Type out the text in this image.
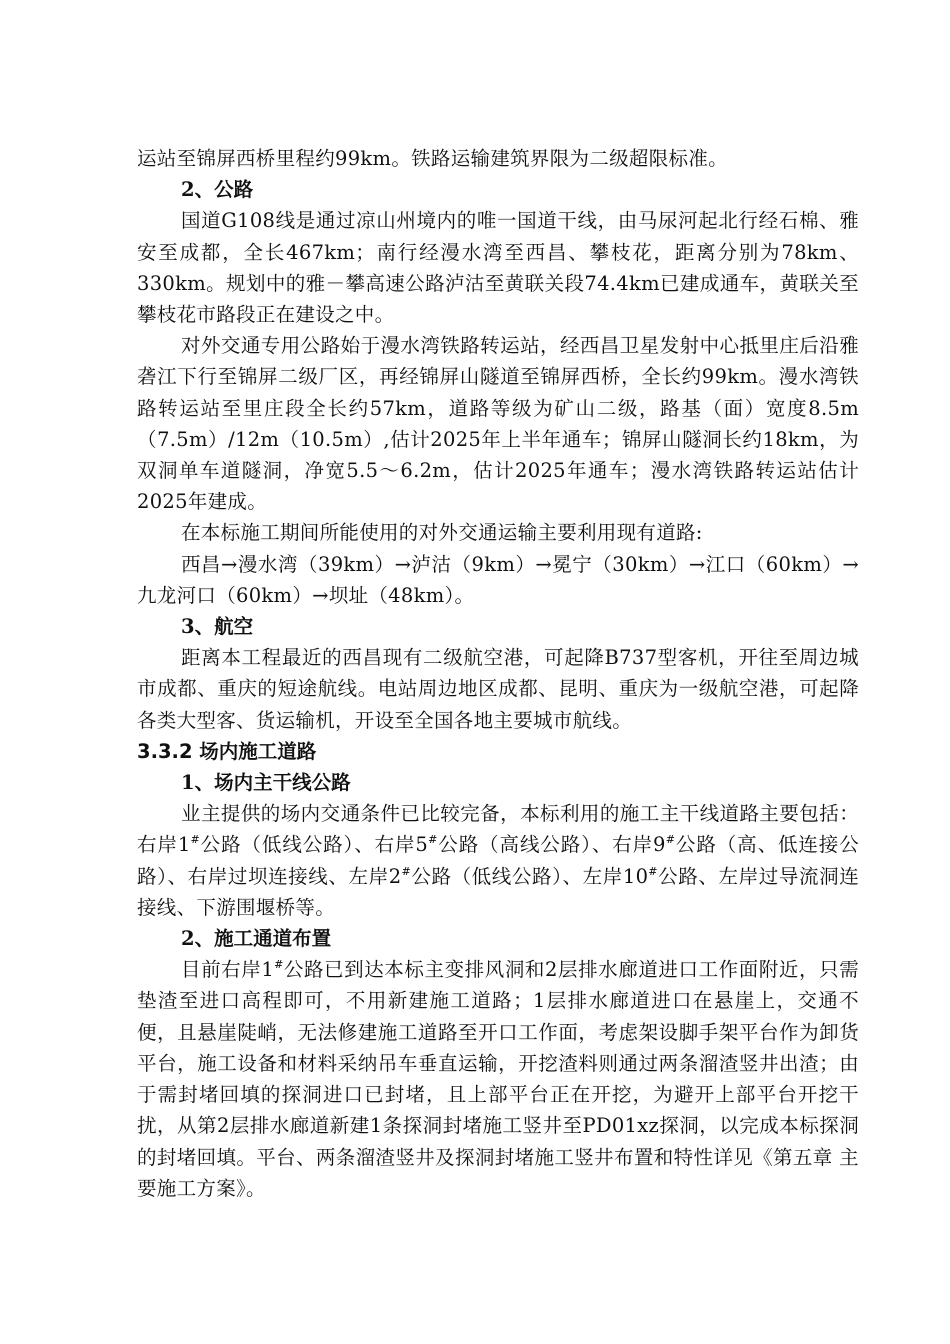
运站至锦屏西桥里程约99km。铁路运输建筑界限为二级超限标准。

2、公路

国道G108线是通过凉山州境内的唯一国道干线，由马尿河起北行经石棉、雅安至成都，全长467km；南行经漫水湾至西昌、攀枝花，距离分别为78km、330km。规划中的雅－攀高速公路泸沽至黄联关段74.4km已建成通车，黄联关至攀枝花市路段正在建设之中。

对外交通专用公路始于漫水湾铁路转运站，经西昌卫星发射中心抵里庄后沿雅砻江下行至锦屏二级厂区，再经锦屏山隧道至锦屏西桥，全长约99km。漫水湾铁路转运站至里庄段全长约57km，道路等级为矿山二级，路基（面）宽度8.5m（7.5m）/12m（10.5m）,估计2025年上半年通车；锦屏山隧洞长约18km，为双洞单车道隧洞，净宽5.5～6.2m，估计2025年通车；漫水湾铁路转运站估计2025年建成。

在本标施工期间所能使用的对外交通运输主要利用现有道路:

西昌→漫水湾（39km）→泸沽（9km）→冕宁（30km）→江口（60km）→九龙河口（60km）→坝址（48km）。

3、航空

距离本工程最近的西昌现有二级航空港，可起降B737型客机，开往至周边城市成都、重庆的短途航线。电站周边地区成都、昆明、重庆为一级航空港，可起降各类大型客、货运输机，开设至全国各地主要城市航线。

3.3.2 场内施工道路

1、场内主干线公路

业主提供的场内交通条件已比较完备，本标利用的施工主干线道路主要包括：右岸1#公路（低线公路）、右岸5#公路（高线公路）、右岸9#公路（高、低连接公路）、右岸过坝连接线、左岸2#公路（低线公路）、左岸10#公路、左岸过导流洞连接线、下游围堰桥等。

2、施工通道布置

目前右岸1#公路已到达本标主变排风洞和2层排水廊道进口工作面附近，只需垫渣至进口高程即可，不用新建施工道路；1层排水廊道进口在悬崖上，交通不便，且悬崖陡峭，无法修建施工道路至开口工作面，考虑架设脚手架平台作为卸货平台，施工设备和材料采纳吊车垂直运输，开挖渣料则通过两条溜渣竖井出渣；由于需封堵回填的探洞进口已封堵，且上部平台正在开挖，为避开上部平台开挖干扰，从第2层排水廊道新建1条探洞封堵施工竖井至PD01xz探洞，以完成本标探洞的封堵回填。平台、两条溜渣竖井及探洞封堵施工竖井布置和特性详见《第五章 主要施工方案》。
